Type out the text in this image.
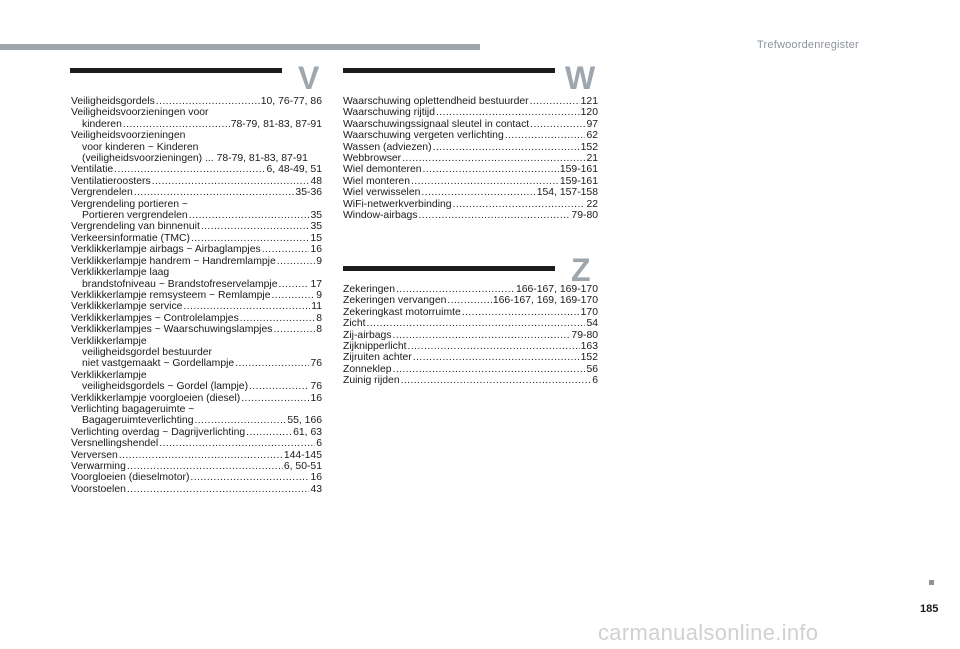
Trefwoordenregister
V
Veiligheidsgordels .....	10, 76-77, 86
Veiligheidsvoorzieningen voor
kinderen .....	78-79, 81-83, 87-91
Veiligheidsvoorzieningen
voor kinderen ~ Kinderen
(veiligheidsvoorzieningen) ... 78-79, 81-83, 87-91
Ventilatie .....	6, 48-49, 51
Ventilatieroosters .....	48
Vergrendelen .....	35-36
Vergrendeling portieren ~
Portieren vergrendelen .....	35
Vergrendeling van binnenuit .....	35
Verkeersinformatie (TMC) .....	15
Verklikkerlampje airbags ~ Airbaglampjes .....	16
Verklikkerlampje handrem ~ Handremlampje .....	9
Verklikkerlampje laag
brandstofniveau ~ Brandstofreservelampje .....	17
Verklikkerlampje remsysteem ~ Remlampje .....	9
Verklikkerlampje service .....	11
Verklikkerlampjes ~ Controlelampjes .....	8
Verklikkerlampjes ~ Waarschuwingslampjes .....	8
Verklikkerlampje
veiligheidsgordel bestuurder
niet vastgemaakt ~ Gordellampje .....	76
Verklikkerlampje
veiligheidsgordels ~ Gordel (lampje) .....	76
Verklikkerlampje voorgloeien (diesel) .....	16
Verlichting bagageruimte ~
Bagageruimteverlichting .....	55, 166
Verlichting overdag ~ Dagrijverlichting .....	61, 63
Versnellingshendel .....	6
Verversen .....	144-145
Verwarming .....	6, 50-51
Voorgloeien (dieselmotor) .....	16
Voorstoelen .....	43
W
Waarschuwing oplettendheid bestuurder .....	121
Waarschuwing rijtijd .....	120
Waarschuwingssignaal sleutel in contact .....	97
Waarschuwing vergeten verlichting .....	62
Wassen (adviezen) .....	152
Webbrowser .....	21
Wiel demonteren .....	159-161
Wiel monteren .....	159-161
Wiel verwisselen .....	154, 157-158
WiFi-netwerkverbinding .....	22
Window-airbags .....	79-80
Z
Zekeringen .....	166-167, 169-170
Zekeringen vervangen .....	166-167, 169, 169-170
Zekeringkast motorruimte .....	170
Zicht .....	54
Zij-airbags .....	79-80
Zijknipperlicht .....	163
Zijruiten achter .....	152
Zonneklep .....	56
Zuinig rijden .....	6
185
carmanualsonline.info
